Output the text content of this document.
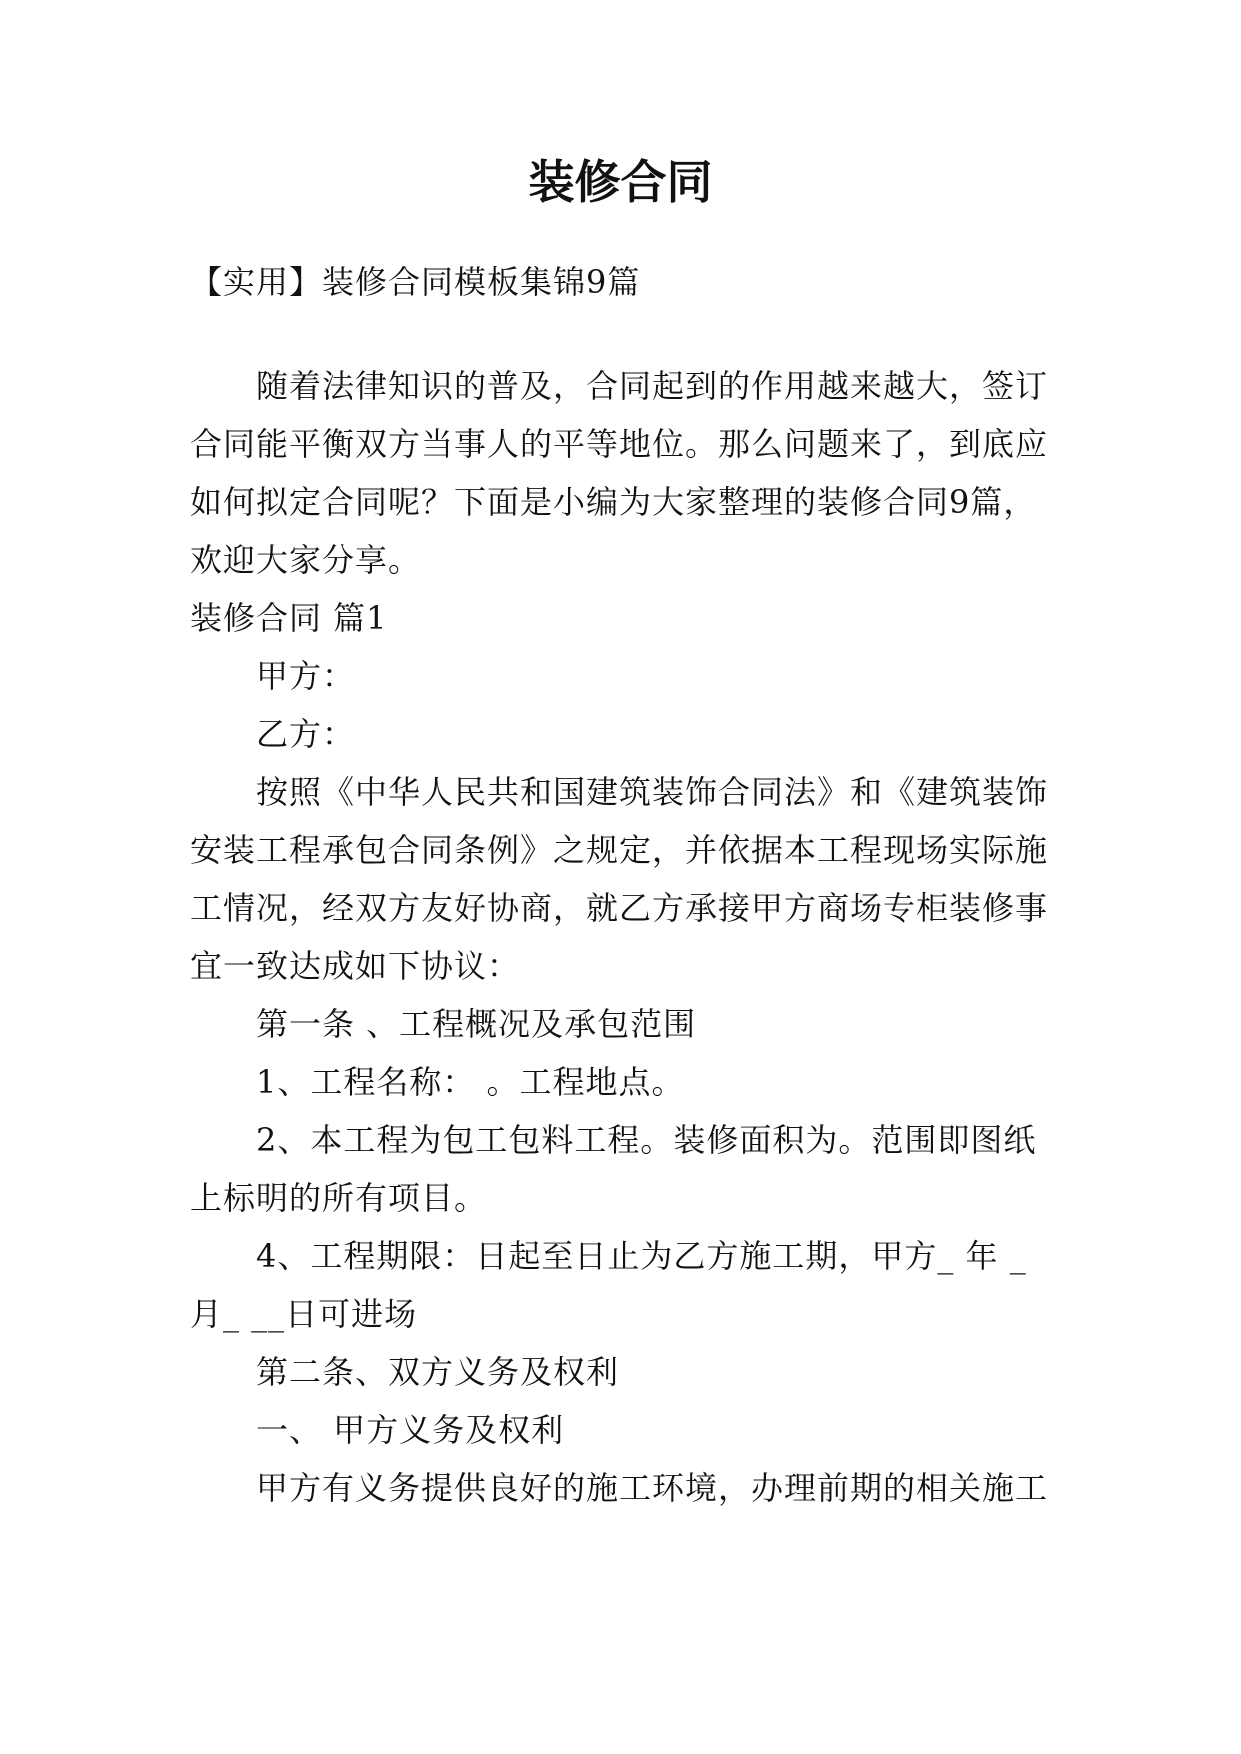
装修合同
【实用】装修合同模板集锦9篇
随着法律知识的普及，合同起到的作用越来越大，签订
合同能平衡双方当事人的平等地位。那么问题来了，到底应
如何拟定合同呢？下面是小编为大家整理的装修合同9篇，
欢迎大家分享。
装修合同 篇1
甲方：
乙方：
按照《中华人民共和国建筑装饰合同法》和《建筑装饰
安装工程承包合同条例》之规定，并依据本工程现场实际施
工情况，经双方友好协商，就乙方承接甲方商场专柜装修事
宜一致达成如下协议：
第一条 、工程概况及承包范围
1、工程名称： 。工程地点。
2、本工程为包工包料工程。装修面积为。范围即图纸
上标明的所有项目。
4、工程期限：日起至日止为乙方施工期，甲方_ 年 _
月_ __日可进场
第二条、双方义务及权利
一、 甲方义务及权利
甲方有义务提供良好的施工环境，办理前期的相关施工
